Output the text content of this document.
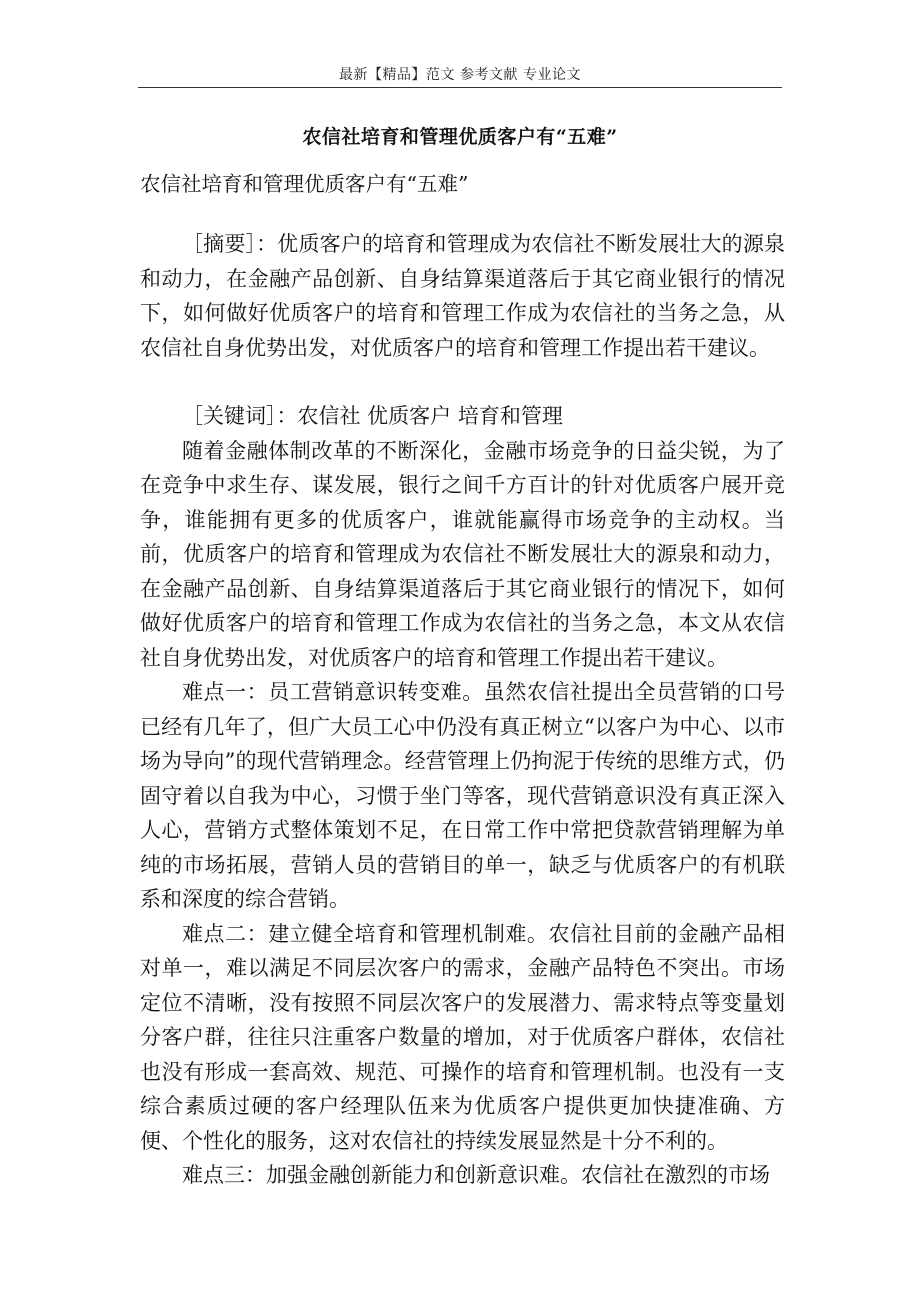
最新【精品】范文 参考文献 专业论文
农信社培育和管理优质客户有“五难”
农信社培育和管理优质客户有“五难”

［摘要］：优质客户的培育和管理成为农信社不断发展壮大的源泉和动力，在金融产品创新、自身结算渠道落后于其它商业银行的情况下，如何做好优质客户的培育和管理工作成为农信社的当务之急，从农信社自身优势出发，对优质客户的培育和管理工作提出若干建议。

［关键词］：农信社 优质客户 培育和管理

随着金融体制改革的不断深化，金融市场竞争的日益尖锐，为了在竞争中求生存、谋发展，银行之间千方百计的针对优质客户展开竞争，谁能拥有更多的优质客户，谁就能赢得市场竞争的主动权。当前，优质客户的培育和管理成为农信社不断发展壮大的源泉和动力，在金融产品创新、自身结算渠道落后于其它商业银行的情况下，如何做好优质客户的培育和管理工作成为农信社的当务之急，本文从农信社自身优势出发，对优质客户的培育和管理工作提出若干建议。

难点一：员工营销意识转变难。虽然农信社提出全员营销的口号已经有几年了，但广大员工心中仍没有真正树立“以客户为中心、以市场为导向”的现代营销理念。经营管理上仍拘泥于传统的思维方式，仍固守着以自我为中心，习惯于坐门等客，现代营销意识没有真正深入人心，营销方式整体策划不足，在日常工作中常把贷款营销理解为单纯的市场拓展，营销人员的营销目的单一，缺乏与优质客户的有机联系和深度的综合营销。

难点二：建立健全培育和管理机制难。农信社目前的金融产品相对单一，难以满足不同层次客户的需求，金融产品特色不突出。市场定位不清晰，没有按照不同层次客户的发展潜力、需求特点等变量划分客户群，往往只注重客户数量的增加，对于优质客户群体，农信社也没有形成一套高效、规范、可操作的培育和管理机制。也没有一支综合素质过硬的客户经理队伍来为优质客户提供更加快捷准确、方便、个性化的服务，这对农信社的持续发展显然是十分不利的。

难点三：加强金融创新能力和创新意识难。农信社在激烈的市场
